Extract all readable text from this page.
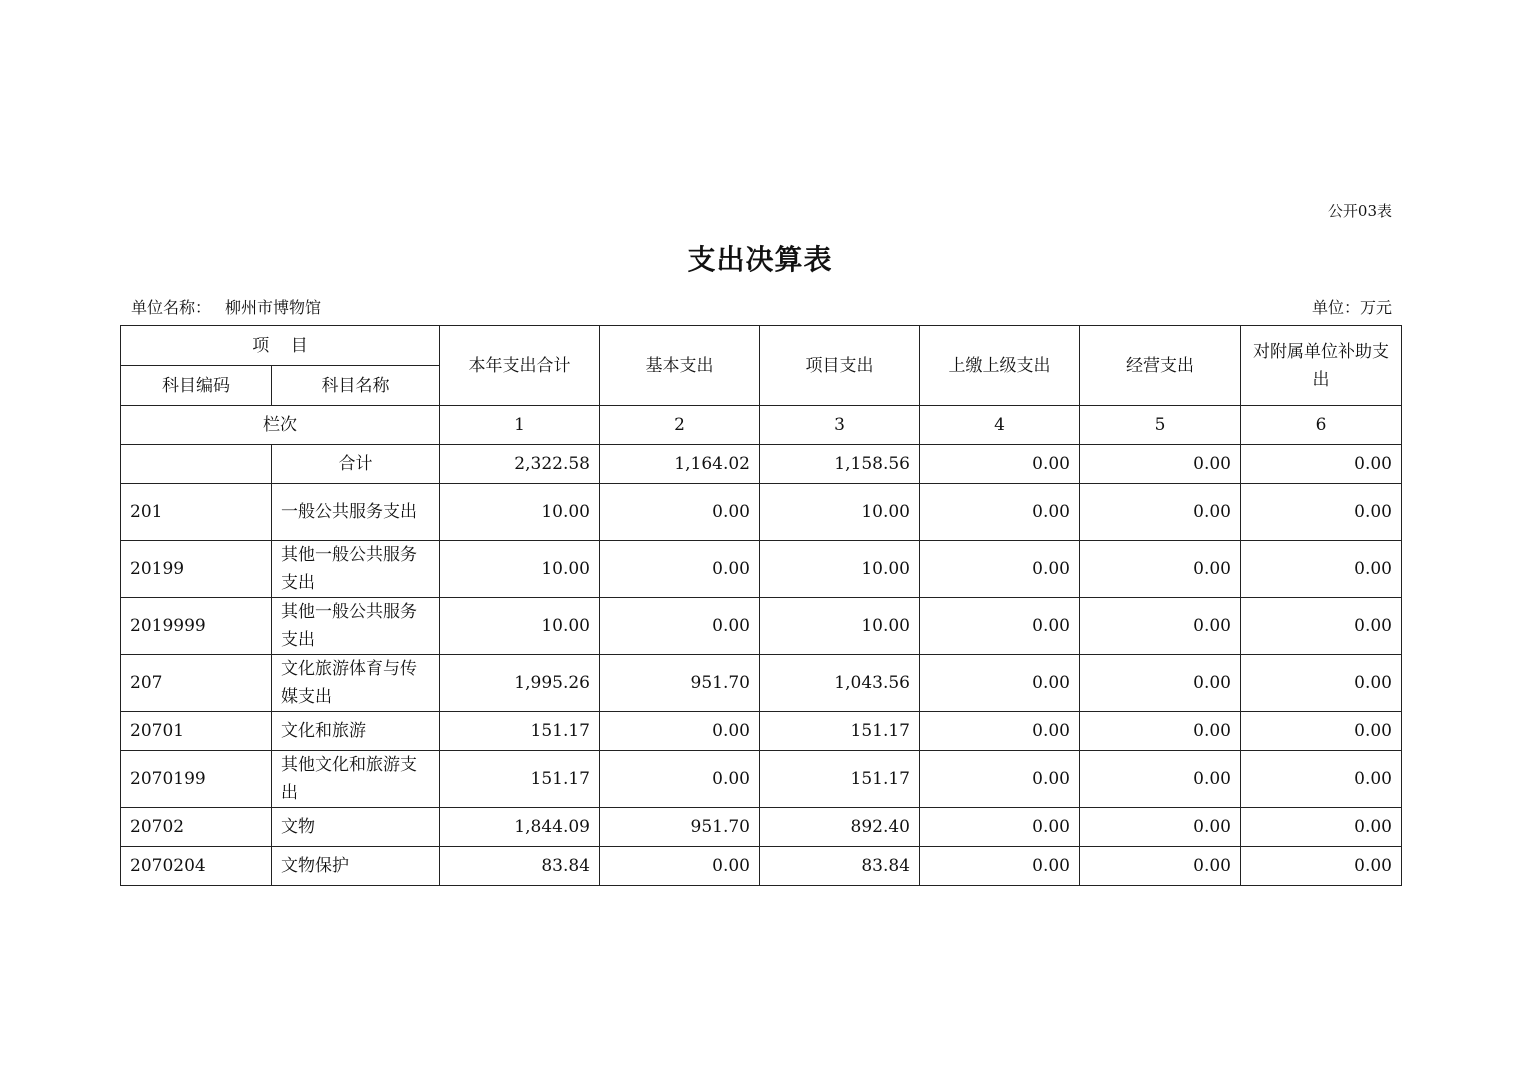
公开03表
支出决算表
单位名称： 柳州市博物馆	单位：万元
项    目		本年支出合计	基本支出	项目支出	上缴上级支出	经营支出	对附属单位补助支出
科目编码	科目名称						
栏次		1	2	3	4	5	6
	合计	2,322.58	1,164.02	1,158.56	0.00	0.00	0.00
201	一般公共服务支出	10.00	0.00	10.00	0.00	0.00	0.00
20199	其他一般公共服务支出	10.00	0.00	10.00	0.00	0.00	0.00
2019999	其他一般公共服务支出	10.00	0.00	10.00	0.00	0.00	0.00
207	文化旅游体育与传媒支出	1,995.26	951.70	1,043.56	0.00	0.00	0.00
20701	文化和旅游	151.17	0.00	151.17	0.00	0.00	0.00
2070199	其他文化和旅游支出	151.17	0.00	151.17	0.00	0.00	0.00
20702	文物	1,844.09	951.70	892.40	0.00	0.00	0.00
2070204	文物保护	83.84	0.00	83.84	0.00	0.00	0.00
